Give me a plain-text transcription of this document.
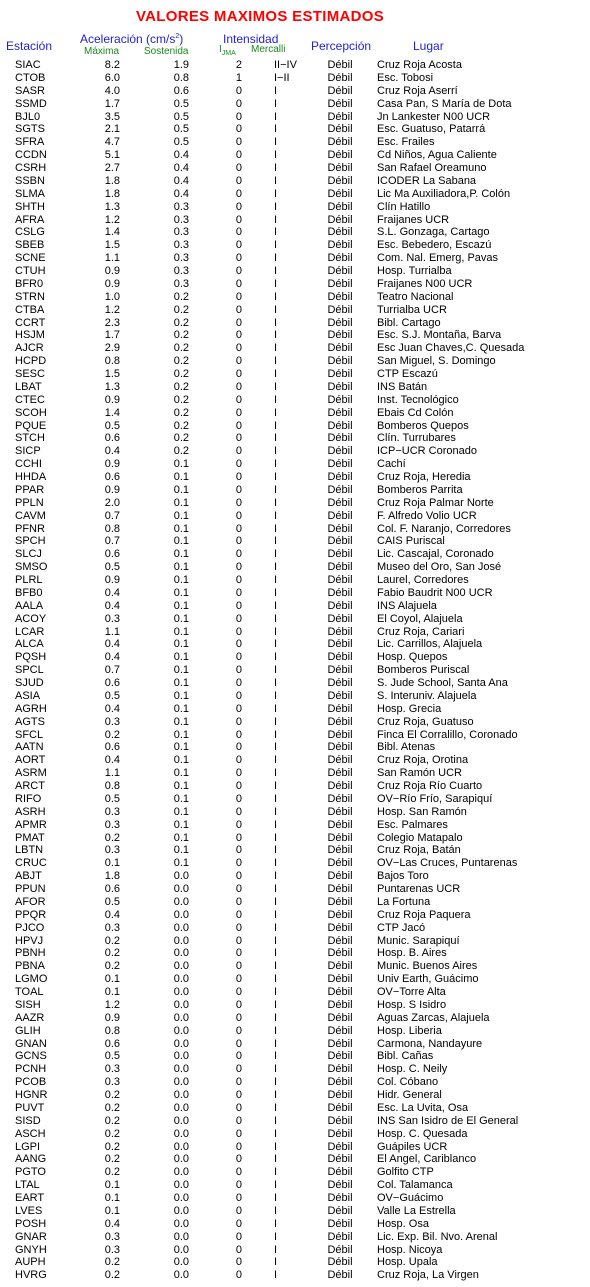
VALORES MAXIMOS ESTIMADOS
Estación Aceleración $(cm/s^2)$
Máxima Sostenida
Intensidad
$I_{JMA}$ Mercalli Percepción	Lugar
SIAC	8.2	1.9	2	II−IV	Débil	Cruz Roja Acosta
CTOB	6.0	0.8	1	I−II	Débil	Esc. Tobosi
SASR	4.0	0.6	0	I	Débil	Cruz Roja Aserrí
SSMD	1.7	0.5	0	I	Débil	Casa Pan, S María de Dota
BJL0	3.5	0.5	0	I	Débil	Jn Lankester N00 UCR
SGTS	2.1	0.5	0	I	Débil	Esc. Guatuso, Patarrá
SFRA	4.7	0.5	0	I	Débil	Esc. Frailes
CCDN	5.1	0.4	0	I	Débil	Cd Niños, Agua Caliente
CSRH	2.7	0.4	0	I	Débil	San Rafael Oreamuno
SSBN	1.8	0.4	0	I	Débil	ICODER La Sabana
SLMA	1.8	0.4	0	I	Débil	Lic Ma Auxiliadora,P. Colón
SHTH	1.3	0.3	0	I	Débil	Clín Hatillo
AFRA	1.2	0.3	0	I	Débil	Fraijanes UCR
CSLG	1.4	0.3	0	I	Débil	S.L. Gonzaga, Cartago
SBEB	1.5	0.3	0	I	Débil	Esc. Bebedero, Escazú
SCNE	1.1	0.3	0	I	Débil	Com. Nal. Emerg, Pavas
CTUH	0.9	0.3	0	I	Débil	Hosp. Turrialba
BFR0	0.9	0.3	0	I	Débil	Fraijanes N00 UCR
STRN	1.0	0.2	0	I	Débil	Teatro Nacional
CTBA	1.2	0.2	0	I	Débil	Turrialba UCR
CCRT	2.3	0.2	0	I	Débil	Bibl. Cartago
HSJM	1.7	0.2	0	I	Débil	Esc. S.J. Montaña, Barva
AJCR	2.9	0.2	0	I	Débil	Esc Juan Chaves,C. Quesada
HCPD	0.8	0.2	0	I	Débil	San Miguel, S. Domingo
SESC	1.5	0.2	0	I	Débil	CTP Escazú
LBAT	1.3	0.2	0	I	Débil	INS Batán
CTEC	0.9	0.2	0	I	Débil	Inst. Tecnológico
SCOH	1.4	0.2	0	I	Débil	Ebais Cd Colón
PQUE	0.5	0.2	0	I	Débil	Bomberos Quepos
STCH	0.6	0.2	0	I	Débil	Clín. Turrubares
SICP	0.4	0.2	0	I	Débil	ICP−UCR Coronado
CCHI	0.9	0.1	0	I	Débil	Cachí
HHDA	0.6	0.1	0	I	Débil	Cruz Roja, Heredia
PPAR	0.9	0.1	0	I	Débil	Bomberos Parrita
PPLN	2.0	0.1	0	I	Débil	Cruz Roja Palmar Norte
CAVM	0.7	0.1	0	I	Débil	F. Alfredo Volio UCR
PFNR	0.8	0.1	0	I	Débil	Col. F. Naranjo, Corredores
SPCH	0.7	0.1	0	I	Débil	CAIS Puriscal
SLCJ	0.6	0.1	0	I	Débil	Lic. Cascajal, Coronado
SMSO	0.5	0.1	0	I	Débil	Museo del Oro, San José
PLRL	0.9	0.1	0	I	Débil	Laurel, Corredores
BFB0	0.4	0.1	0	I	Débil	Fabio Baudrit N00 UCR
AALA	0.4	0.1	0	I	Débil	INS Alajuela
ACOY	0.3	0.1	0	I	Débil	El Coyol, Alajuela
LCAR	1.1	0.1	0	I	Débil	Cruz Roja, Cariari
ALCA	0.4	0.1	0	I	Débil	Lic. Carrillos, Alajuela
PQSH	0.4	0.1	0	I	Débil	Hosp. Quepos
SPCL	0.7	0.1	0	I	Débil	Bomberos Puriscal
SJUD	0.6	0.1	0	I	Débil	S. Jude School, Santa Ana
ASIA	0.5	0.1	0	I	Débil	S. Interuniv. Alajuela
AGRH	0.4	0.1	0	I	Débil	Hosp. Grecia
AGTS	0.3	0.1	0	I	Débil	Cruz Roja, Guatuso
SFCL	0.2	0.1	0	I	Débil	Finca El Corralillo, Coronado
AATN	0.6	0.1	0	I	Débil	Bibl. Atenas
AORT	0.4	0.1	0	I	Débil	Cruz Roja, Orotina
ASRM	1.1	0.1	0	I	Débil	San Ramón UCR
ARCT	0.8	0.1	0	I	Débil	Cruz Roja Río Cuarto
RIFO	0.5	0.1	0	I	Débil	OV−Río Frío, Sarapiquí
ASRH	0.3	0.1	0	I	Débil	Hosp. San Ramón
APMR	0.3	0.1	0	I	Débil	Esc. Palmares
PMAT	0.2	0.1	0	I	Débil	Colegio Matapalo
LBTN	0.3	0.1	0	I	Débil	Cruz Roja, Batán
CRUC	0.1	0.1	0	I	Débil	OV−Las Cruces, Puntarenas
ABJT	1.8	0.0	0	I	Débil	Bajos Toro
PPUN	0.6	0.0	0	I	Débil	Puntarenas UCR
AFOR	0.5	0.0	0	I	Débil	La Fortuna
PPQR	0.4	0.0	0	I	Débil	Cruz Roja Paquera
PJCO	0.3	0.0	0	I	Débil	CTP Jacó
HPVJ	0.2	0.0	0	I	Débil	Munic. Sarapiquí
PBNH	0.2	0.0	0	I	Débil	Hosp. B. Aires
PBNA	0.2	0.0	0	I	Débil	Munic. Buenos Aires
LGMO	0.1	0.0	0	I	Débil	Univ Earth, Guácimo
TOAL	0.1	0.0	0	I	Débil	OV−Torre Alta
SISH	1.2	0.0	0	I	Débil	Hosp. S Isidro
AAZR	0.9	0.0	0	I	Débil	Aguas Zarcas, Alajuela
GLIH	0.8	0.0	0	I	Débil	Hosp. Liberia
GNAN	0.6	0.0	0	I	Débil	Carmona, Nandayure
GCNS	0.5	0.0	0	I	Débil	Bibl. Cañas
PCNH	0.3	0.0	0	I	Débil	Hosp. C. Neily
PCOB	0.3	0.0	0	I	Débil	Col. Cóbano
HGNR	0.2	0.0	0	I	Débil	Hidr. General
PUVT	0.2	0.0	0	I	Débil	Esc. La Uvita, Osa
SISD	0.2	0.0	0	I	Débil	INS San Isidro de El General
ASCH	0.2	0.0	0	I	Débil	Hosp. C. Quesada
LGPI	0.2	0.0	0	I	Débil	Guápiles UCR
AANG	0.2	0.0	0	I	Débil	El Angel, Cariblanco
PGTO	0.2	0.0	0	I	Débil	Golfito CTP
LTAL	0.1	0.0	0	I	Débil	Col. Talamanca
EART	0.1	0.0	0	I	Débil	OV−Guácimo
LVES	0.1	0.0	0	I	Débil	Valle La Estrella
POSH	0.4	0.0	0	I	Débil	Hosp. Osa
GNAR	0.3	0.0	0	I	Débil	Lic. Exp. Bil. Nvo. Arenal
GNYH	0.3	0.0	0	I	Débil	Hosp. Nicoya
AUPH	0.2	0.0	0	I	Débil	Hosp. Upala
HVRG	0.2	0.0	0	I	Débil	Cruz Roja, La Virgen
